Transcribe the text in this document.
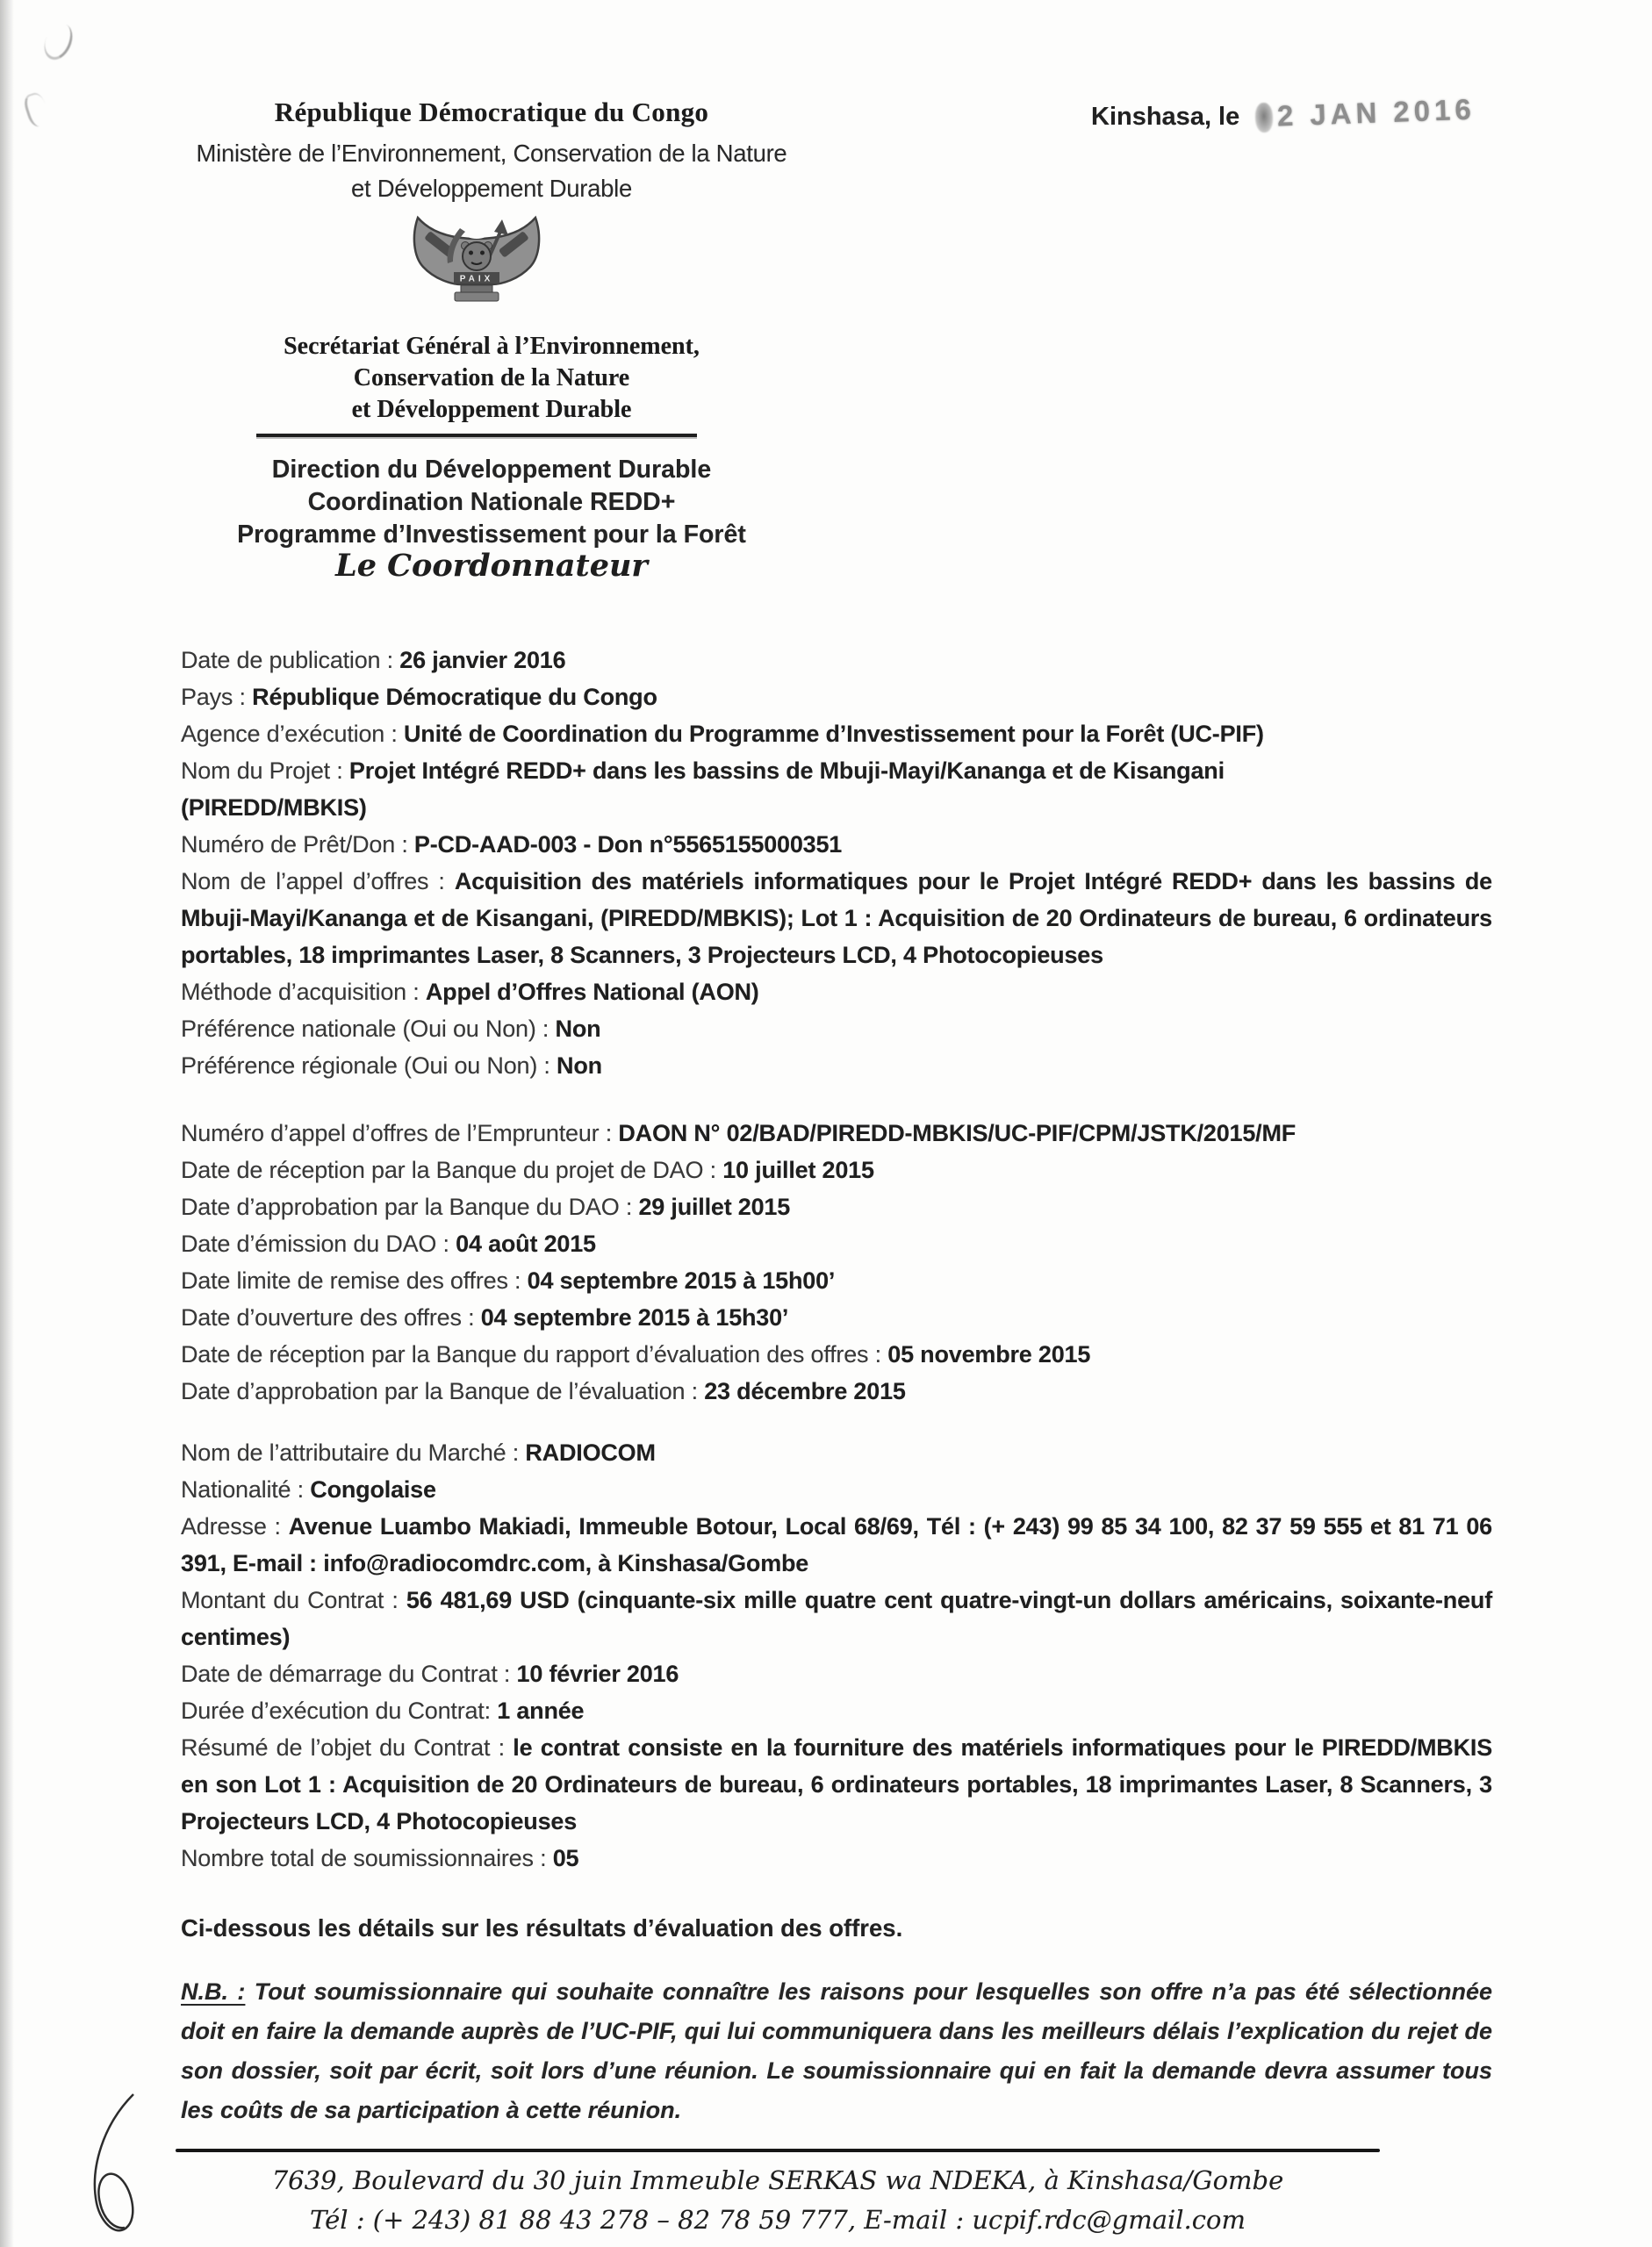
République Démocratique du Congo
Ministère de l’Environnement, Conservation de la Nature
et Développement Durable
Kinshasa, le 2 JAN 2016
PAIX
Secrétariat Général à l’Environnement,
Conservation de la Nature
et Développement Durable
Direction du Développement Durable
Coordination Nationale REDD+
Programme d’Investissement pour la Forêt
Le Coordonnateur

Date de publication : 26 janvier 2016

Pays : République Démocratique du Congo

Agence d’exécution : Unité de Coordination du Programme d’Investissement pour la Forêt (UC-PIF)

Nom du Projet : Projet Intégré REDD+ dans les bassins de Mbuji-Mayi/Kananga et de Kisangani
(PIREDD/MBKIS)

Numéro de Prêt/Don : P-CD-AAD-003 - Don n°5565155000351

Nom de l’appel d’offres : Acquisition des matériels informatiques pour le Projet Intégré REDD+ dans les bassins de Mbuji-Mayi/Kananga et de Kisangani, (PIREDD/MBKIS); Lot 1 : Acquisition de 20 Ordinateurs de bureau, 6 ordinateurs portables, 18 imprimantes Laser, 8 Scanners, 3 Projecteurs LCD, 4 Photocopieuses

Méthode d’acquisition : Appel d’Offres National (AON)

Préférence nationale (Oui ou Non) : Non

Préférence régionale (Oui ou Non) : Non

Numéro d’appel d’offres de l’Emprunteur : DAON N° 02/BAD/PIREDD-MBKIS/UC-PIF/CPM/JSTK/2015/MF

Date de réception par la Banque du projet de DAO : 10 juillet 2015

Date d’approbation par la Banque du DAO : 29 juillet 2015

Date d’émission du DAO : 04 août 2015

Date limite de remise des offres : 04 septembre 2015 à 15h00’

Date d’ouverture des offres : 04 septembre 2015 à 15h30’

Date de réception par la Banque du rapport d’évaluation des offres : 05 novembre 2015

Date d’approbation par la Banque de l’évaluation : 23 décembre 2015

Nom de l’attributaire du Marché : RADIOCOM

Nationalité : Congolaise

Adresse : Avenue Luambo Makiadi, Immeuble Botour, Local 68/69, Tél : (+ 243) 99 85 34 100, 82 37 59 555 et 81 71 06 391, E-mail : info@radiocomdrc.com, à Kinshasa/Gombe

Montant du Contrat : 56 481,69 USD (cinquante-six mille quatre cent quatre-vingt-un dollars américains, soixante-neuf centimes)

Date de démarrage du Contrat : 10 février 2016

Durée d’exécution du Contrat: 1 année

Résumé de l’objet du Contrat : le contrat consiste en la fourniture des matériels informatiques pour le PIREDD/MBKIS en son Lot 1 : Acquisition de 20 Ordinateurs de bureau, 6 ordinateurs portables, 18 imprimantes Laser, 8 Scanners, 3 Projecteurs LCD, 4 Photocopieuses

Nombre total de soumissionnaires : 05

Ci-dessous les détails sur les résultats d’évaluation des offres.

N.B. : Tout soumissionnaire qui souhaite connaître les raisons pour lesquelles son offre n’a pas été sélectionnée doit en faire la demande auprès de l’UC-PIF, qui lui communiquera dans les meilleurs délais l’explication du rejet de son dossier, soit par écrit, soit lors d’une réunion. Le soumissionnaire qui en fait la demande devra assumer tous les coûts de sa participation à cette réunion.

7639, Boulevard du 30 juin Immeuble SERKAS wa NDEKA, à Kinshasa/Gombe

Tél : (+ 243) 81 88 43 278 – 82 78 59 777, E-mail : ucpif.rdc@gmail.com
